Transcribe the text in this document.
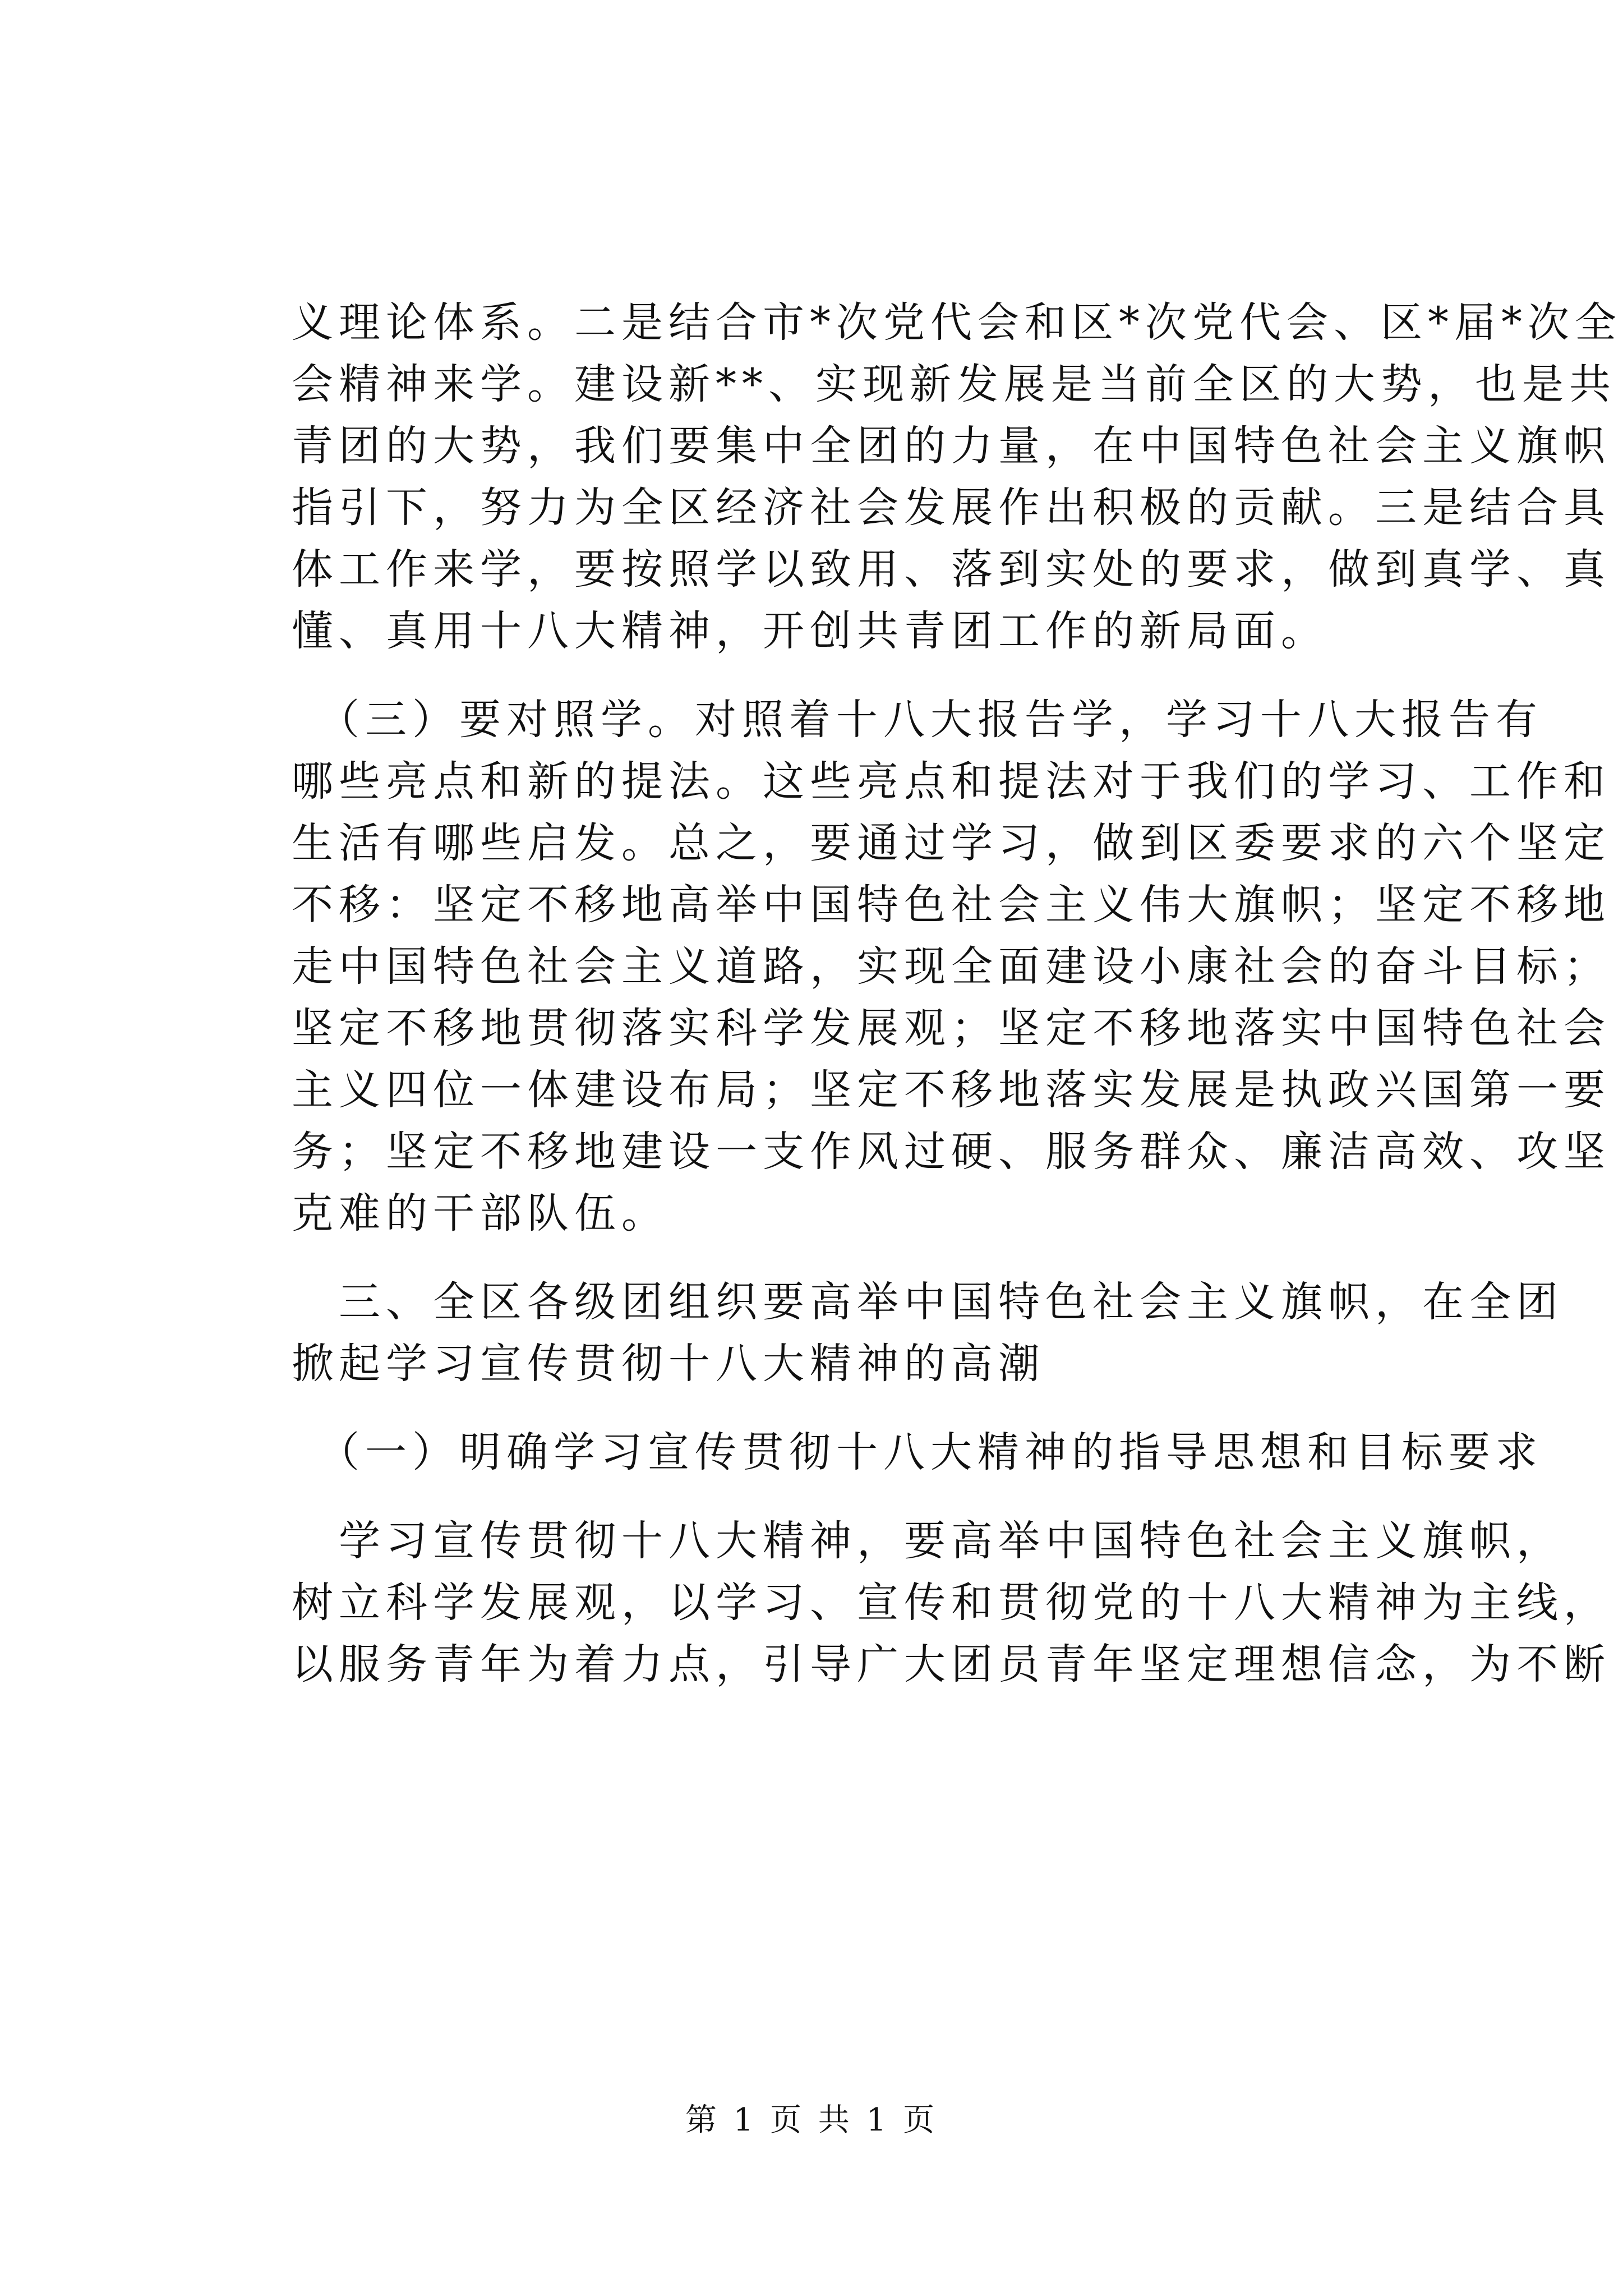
义理论体系。二是结合市*次党代会和区*次党代会、区*届*次全
会精神来学。建设新**、实现新发展是当前全区的大势，也是共
青团的大势，我们要集中全团的力量，在中国特色社会主义旗帜
指引下，努力为全区经济社会发展作出积极的贡献。三是结合具
体工作来学，要按照学以致用、落到实处的要求，做到真学、真
懂、真用十八大精神，开创共青团工作的新局面。
　（三）要对照学。对照着十八大报告学，学习十八大报告有
哪些亮点和新的提法。这些亮点和提法对于我们的学习、工作和
生活有哪些启发。总之，要通过学习，做到区委要求的六个坚定
不移：坚定不移地高举中国特色社会主义伟大旗帜；坚定不移地
走中国特色社会主义道路，实现全面建设小康社会的奋斗目标；
坚定不移地贯彻落实科学发展观；坚定不移地落实中国特色社会
主义四位一体建设布局；坚定不移地落实发展是执政兴国第一要
务；坚定不移地建设一支作风过硬、服务群众、廉洁高效、攻坚
克难的干部队伍。
　三、全区各级团组织要高举中国特色社会主义旗帜，在全团
掀起学习宣传贯彻十八大精神的高潮
　（一）明确学习宣传贯彻十八大精神的指导思想和目标要求
　学习宣传贯彻十八大精神，要高举中国特色社会主义旗帜，
树立科学发展观，以学习、宣传和贯彻党的十八大精神为主线，
以服务青年为着力点，引导广大团员青年坚定理想信念，为不断
第 1 页 共 1 页
